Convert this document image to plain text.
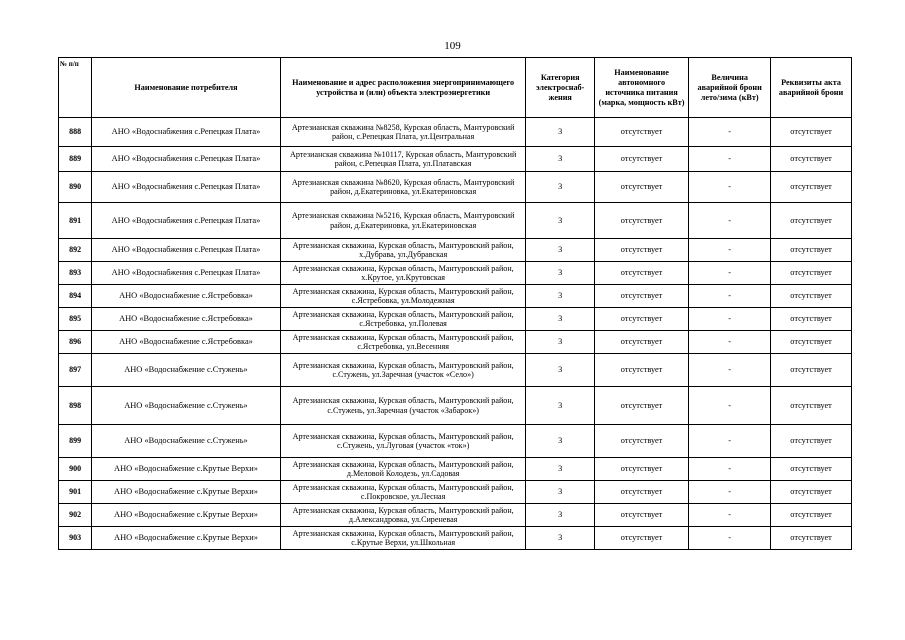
109
№ п/п	Наименование потребителя	Наименование и адрес расположения энергопринимающего устройства и (или) объекта электроэнергетики	Категория электроснаб-жения	Наименование автономного источника питания (марка, мощность кВт)	Величина аварийной брони лето/зима (кВт)	Реквизиты акта аварийной брони
888	АНО «Водоснабжения с.Репецкая Плата»	Артезианская скважина №8258, Курская область, Мантуровский район, с.Репецкая Плата, ул.Центральная	3	отсутствует	-	отсутствует
889	АНО «Водоснабжения с.Репецкая Плата»	Артезианская скважина №10117, Курская область, Мантуровский район, с.Репецкая Плата, ул.Платавская	3	отсутствует	-	отсутствует
890	АНО «Водоснабжения с.Репецкая Плата»	Артезианская скважина №8620, Курская область, Мантуровский район, д.Екатериновка, ул.Екатериновская	3	отсутствует	-	отсутствует
891	АНО «Водоснабжения с.Репецкая Плата»	Артезианская скважина №5216, Курская область, Мантуровский район, д.Екатериновка, ул.Екатериновская	3	отсутствует	-	отсутствует
892	АНО «Водоснабжения с.Репецкая Плата»	Артезианская скважина, Курская область, Мантуровский район, х.Дубрава, ул.Дубравская	3	отсутствует	-	отсутствует
893	АНО «Водоснабжения с.Репецкая Плата»	Артезианская скважина, Курская область, Мантуровский район, х.Крутое, ул.Крутовская	3	отсутствует	-	отсутствует
894	АНО «Водоснабжение с.Ястребовка»	Артезианская скважина, Курская область, Мантуровский район, с.Ястребовка, ул.Молодежная	3	отсутствует	-	отсутствует
895	АНО «Водоснабжение с.Ястребовка»	Артезианская скважина, Курская область, Мантуровский район, с.Ястребовка, ул.Полевая	3	отсутствует	-	отсутствует
896	АНО «Водоснабжение с.Ястребовка»	Артезианская скважина, Курская область, Мантуровский район, с.Ястребовка, ул.Весенняя	3	отсутствует	-	отсутствует
897	АНО «Водоснабжение с.Стужень»	Артезианская скважина, Курская область, Мантуровский район, с.Стужень, ул.Заречная (участок «Село»)	3	отсутствует	-	отсутствует
898	АНО «Водоснабжение с.Стужень»	Артезианская скважина, Курская область, Мантуровский район, с.Стужень, ул.Заречная (участок «Забарок»)	3	отсутствует	-	отсутствует
899	АНО «Водоснабжение с.Стужень»	Артезианская скважина, Курская область, Мантуровский район, с.Стужень, ул.Луговая (участок «ток»)	3	отсутствует	-	отсутствует
900	АНО «Водоснабжение с.Крутые Верхи»	Артезианская скважина, Курская область, Мантуровский район, д.Меловой Колодезь, ул.Садовая	3	отсутствует	-	отсутствует
901	АНО «Водоснабжение с.Крутые Верхи»	Артезианская скважина, Курская область, Мантуровский район, с.Покровское, ул.Лесная	3	отсутствует	-	отсутствует
902	АНО «Водоснабжение с.Крутые Верхи»	Артезианская скважина, Курская область, Мантуровский район, д.Александровка, ул.Сиреневая	3	отсутствует	-	отсутствует
903	АНО «Водоснабжение с.Крутые Верхи»	Артезианская скважина, Курская область, Мантуровский район, с.Крутые Верхи, ул.Школьная	3	отсутствует	-	отсутствует
